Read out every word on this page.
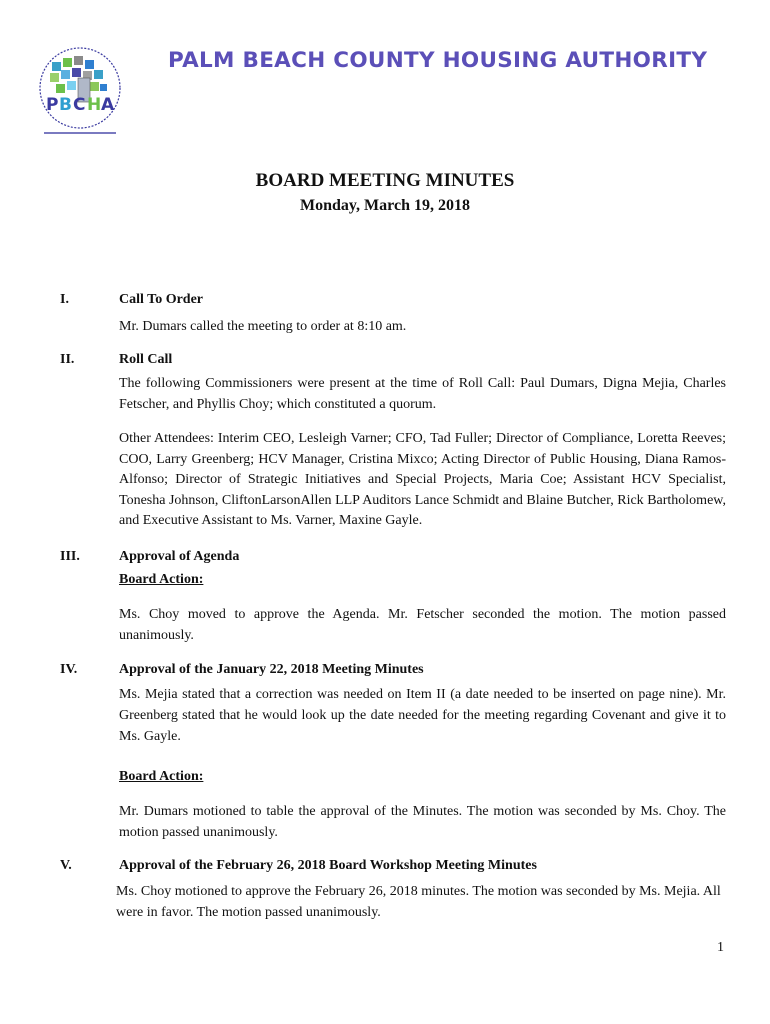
P B C H A
PALM BEACH COUNTY HOUSING AUTHORITY
BOARD MEETING MINUTES
Monday, March 19, 2018
I.	Call To Order
Mr. Dumars called the meeting to order at 8:10 am.
II.	Roll Call
The following Commissioners were present at the time of Roll Call: Paul Dumars, Digna Mejia, Charles Fetscher, and Phyllis Choy; which constituted a quorum.
Other Attendees: Interim CEO, Lesleigh Varner; CFO, Tad Fuller; Director of Compliance, Loretta Reeves; COO, Larry Greenberg; HCV Manager, Cristina Mixco; Acting Director of Public Housing, Diana Ramos-Alfonso; Director of Strategic Initiatives and Special Projects, Maria Coe; Assistant HCV Specialist, Tonesha Johnson, CliftonLarsonAllen LLP Auditors Lance Schmidt and Blaine Butcher, Rick Bartholomew, and Executive Assistant to Ms. Varner, Maxine Gayle.
III.	Approval of Agenda
Board Action:
Ms. Choy moved to approve the Agenda. Mr. Fetscher seconded the motion. The motion passed unanimously.
IV.	Approval of the January 22, 2018 Meeting Minutes
Ms. Mejia stated that a correction was needed on Item II (a date needed to be inserted on page nine). Mr. Greenberg stated that he would look up the date needed for the meeting regarding Covenant and give it to Ms. Gayle.
Board Action:
Mr. Dumars motioned to table the approval of the Minutes. The motion was seconded by Ms. Choy. The motion passed unanimously.
V.	Approval of the February 26, 2018 Board Workshop Meeting Minutes
Ms. Choy motioned to approve the February 26, 2018 minutes. The motion was seconded by Ms. Mejia. All were in favor. The motion passed unanimously.
1
